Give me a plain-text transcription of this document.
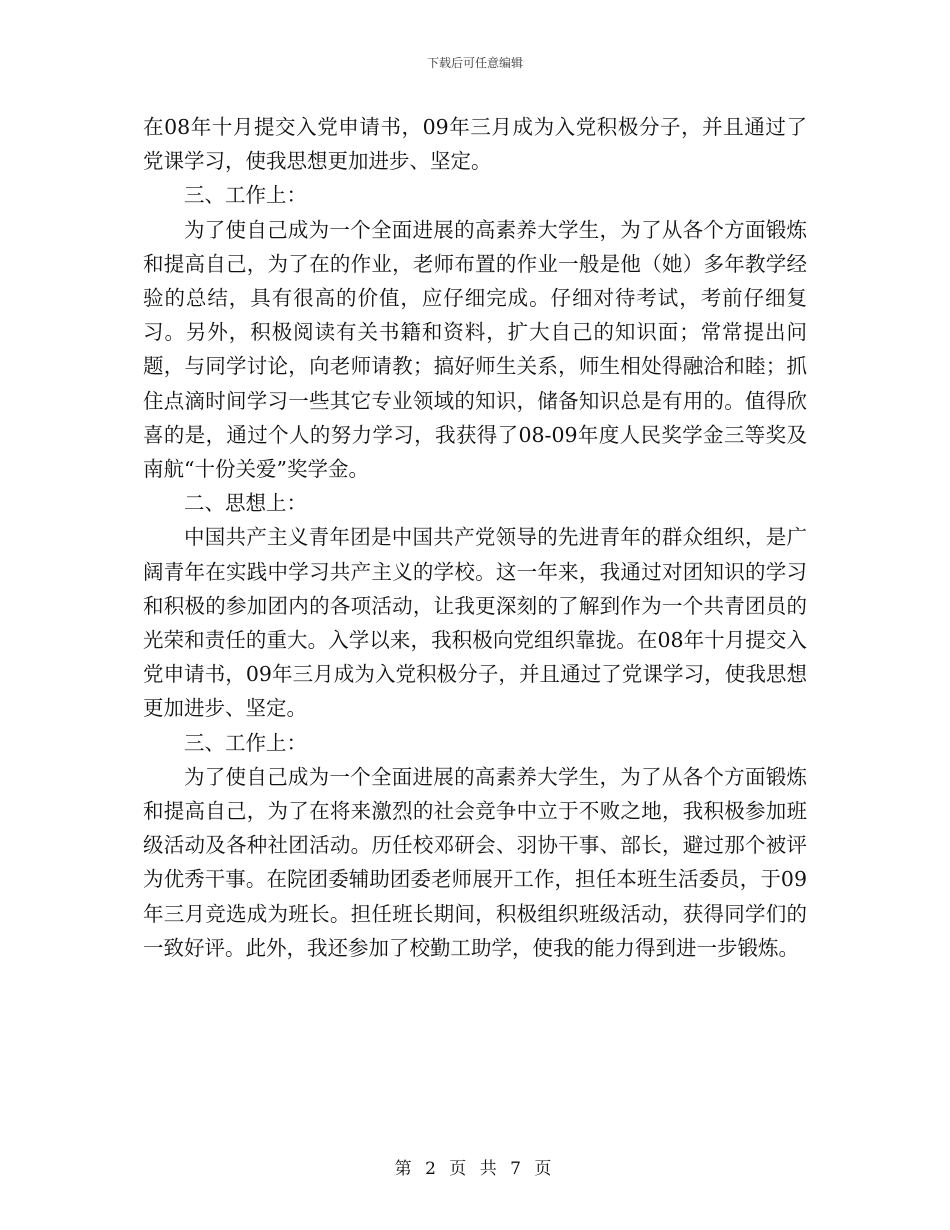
下载后可任意编辑

在08年十月提交入党申请书，09年三月成为入党积极分子，并且通过了党课学习，使我思想更加进步、坚定。

三、工作上：

为了使自己成为一个全面进展的高素养大学生，为了从各个方面锻炼和提高自己，为了在的作业，老师布置的作业一般是他（她）多年教学经验的总结，具有很高的价值，应仔细完成。仔细对待考试，考前仔细复习。另外，积极阅读有关书籍和资料，扩大自己的知识面；常常提出问题，与同学讨论，向老师请教；搞好师生关系，师生相处得融洽和睦；抓住点滴时间学习一些其它专业领域的知识，储备知识总是有用的。值得欣喜的是，通过个人的努力学习，我获得了08-09年度人民奖学金三等奖及南航“十份关爱”奖学金。

二、思想上：

中国共产主义青年团是中国共产党领导的先进青年的群众组织，是广阔青年在实践中学习共产主义的学校。这一年来，我通过对团知识的学习和积极的参加团内的各项活动，让我更深刻的了解到作为一个共青团员的光荣和责任的重大。入学以来，我积极向党组织靠拢。在08年十月提交入党申请书，09年三月成为入党积极分子，并且通过了党课学习，使我思想更加进步、坚定。

三、工作上：

为了使自己成为一个全面进展的高素养大学生，为了从各个方面锻炼和提高自己，为了在将来激烈的社会竞争中立于不败之地，我积极参加班级活动及各种社团活动。历任校邓研会、羽协干事、部长，避过那个被评为优秀干事。在院团委辅助团委老师展开工作，担任本班生活委员，于09年三月竞选成为班长。担任班长期间，积极组织班级活动，获得同学们的一致好评。此外，我还参加了校勤工助学，使我的能力得到进一步锻炼。

第 2 页 共 7 页
